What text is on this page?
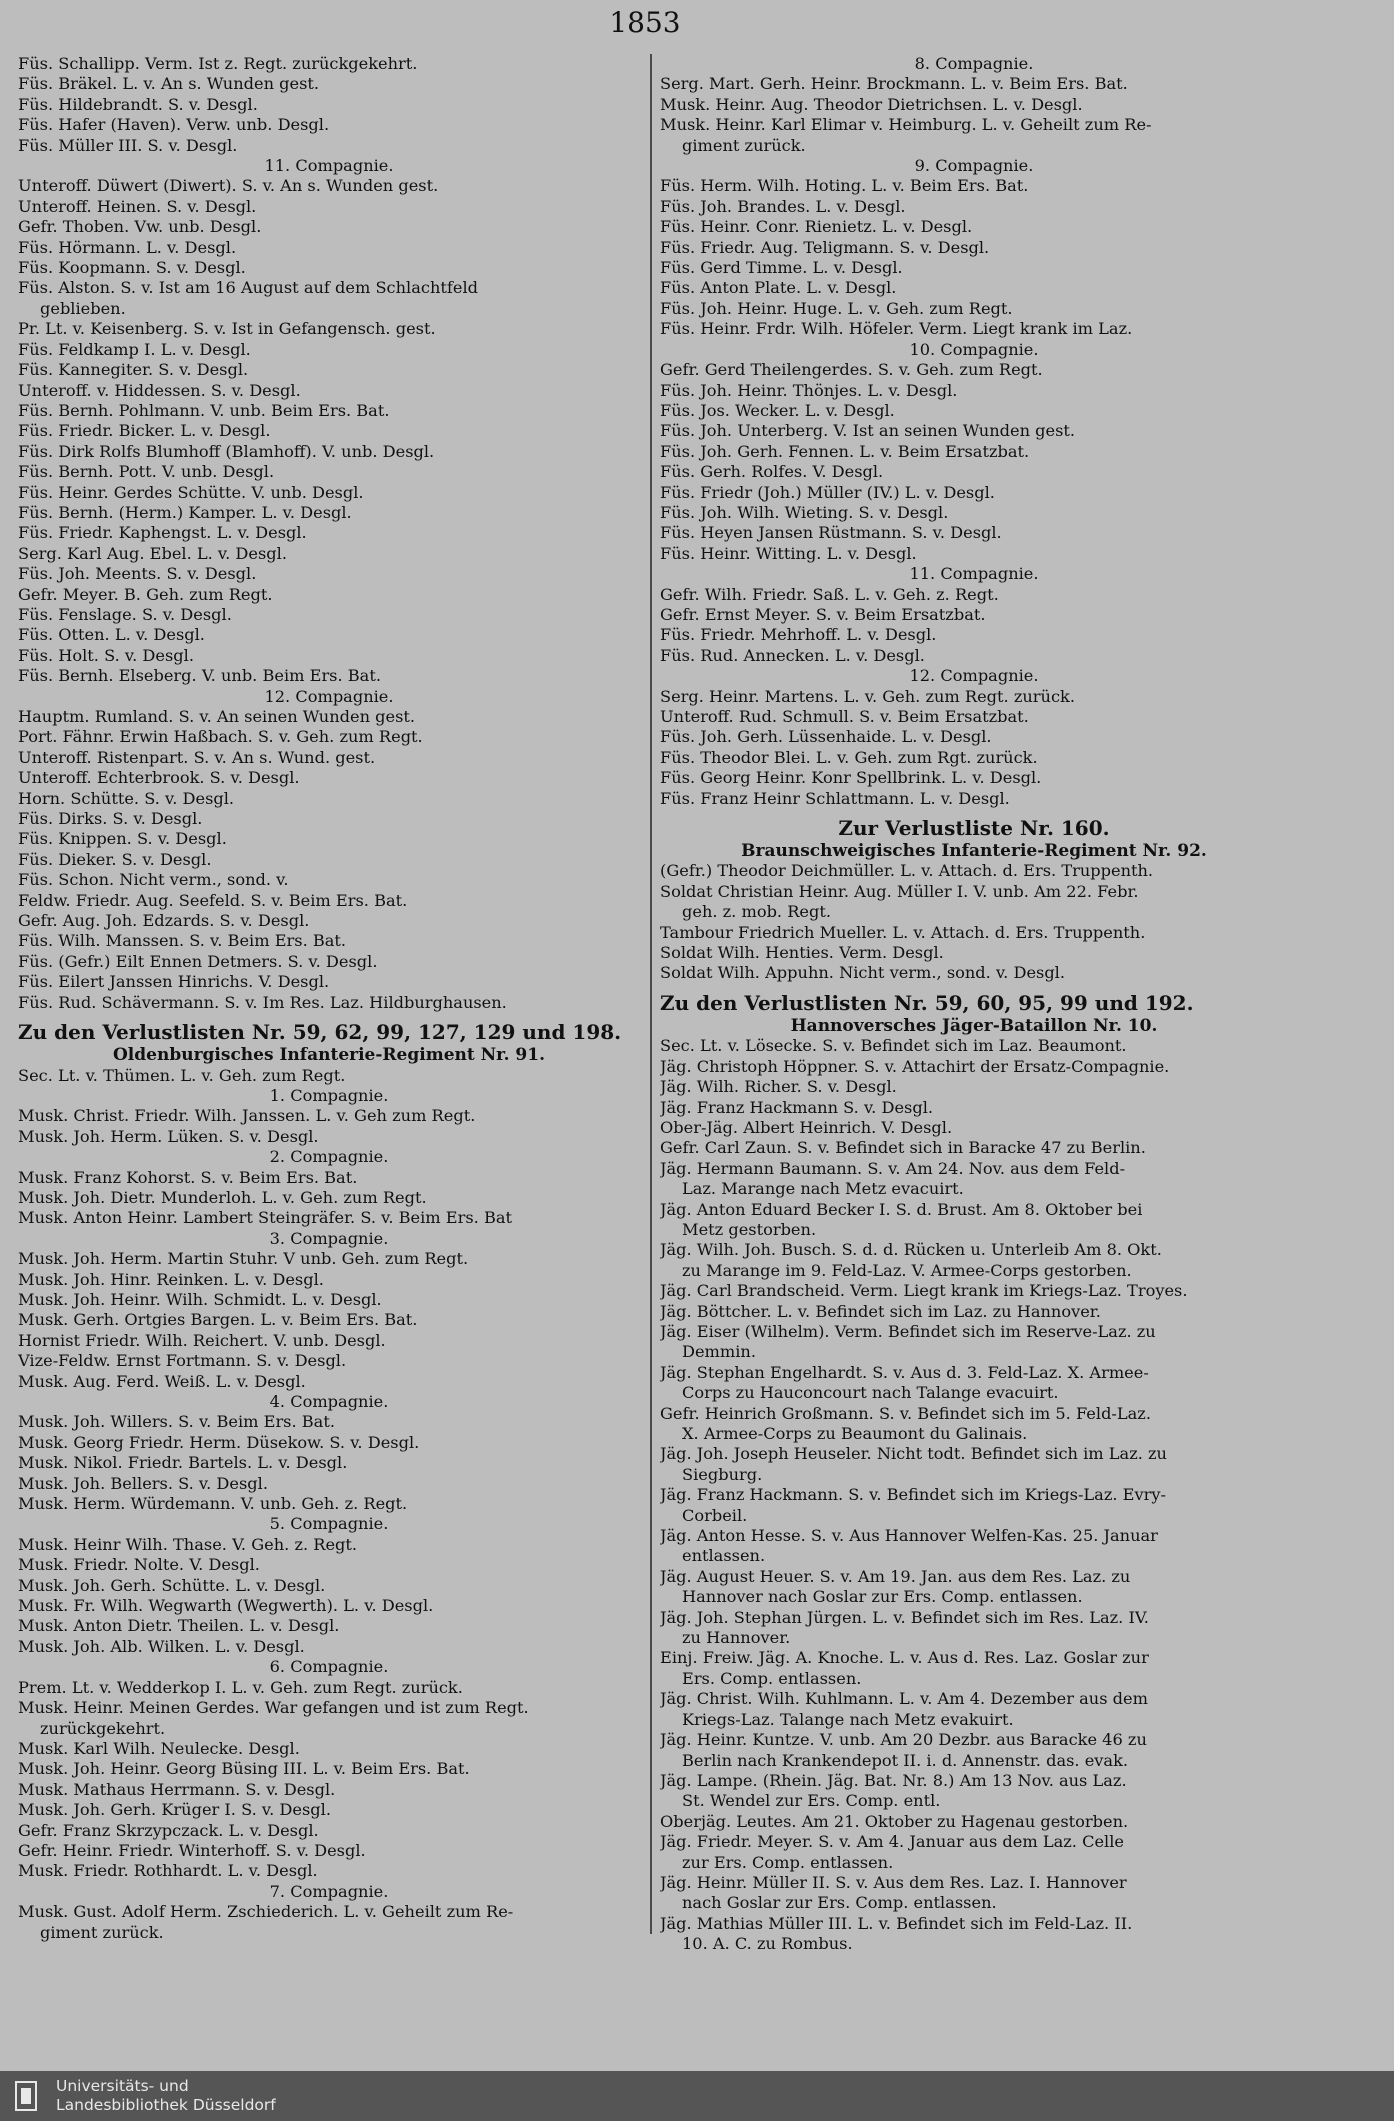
1853
Füs. Schallipp. Verm. Ist z. Regt. zurückgekehrt.
Füs. Bräkel. L. v. An s. Wunden gest.
Füs. Hildebrandt. S. v. Desgl.
Füs. Hafer (Haven). Verw. unb. Desgl.
Füs. Müller III. S. v. Desgl.
11. Compagnie.
Unteroff. Düwert (Diwert). S. v. An s. Wunden gest.
Unteroff. Heinen. S. v. Desgl.
Gefr. Thoben. Vw. unb. Desgl.
Füs. Hörmann. L. v. Desgl.
Füs. Koopmann. S. v. Desgl.
Füs. Alston. S. v. Ist am 16 August auf dem Schlachtfeld
geblieben.
Pr. Lt. v. Keisenberg. S. v. Ist in Gefangensch. gest.
Füs. Feldkamp I. L. v. Desgl.
Füs. Kannegiter. S. v. Desgl.
Unteroff. v. Hiddessen. S. v. Desgl.
Füs. Bernh. Pohlmann. V. unb. Beim Ers. Bat.
Füs. Friedr. Bicker. L. v. Desgl.
Füs. Dirk Rolfs Blumhoff (Blamhoff). V. unb. Desgl.
Füs. Bernh. Pott. V. unb. Desgl.
Füs. Heinr. Gerdes Schütte. V. unb. Desgl.
Füs. Bernh. (Herm.) Kamper. L. v. Desgl.
Füs. Friedr. Kaphengst. L. v. Desgl.
Serg. Karl Aug. Ebel. L. v. Desgl.
Füs. Joh. Meents. S. v. Desgl.
Gefr. Meyer. B. Geh. zum Regt.
Füs. Fenslage. S. v. Desgl.
Füs. Otten. L. v. Desgl.
Füs. Holt. S. v. Desgl.
Füs. Bernh. Elseberg. V. unb. Beim Ers. Bat.
12. Compagnie.
Hauptm. Rumland. S. v. An seinen Wunden gest.
Port. Fähnr. Erwin Haßbach. S. v. Geh. zum Regt.
Unteroff. Ristenpart. S. v. An s. Wund. gest.
Unteroff. Echterbrook. S. v. Desgl.
Horn. Schütte. S. v. Desgl.
Füs. Dirks. S. v. Desgl.
Füs. Knippen. S. v. Desgl.
Füs. Dieker. S. v. Desgl.
Füs. Schon. Nicht verm., sond. v.
Feldw. Friedr. Aug. Seefeld. S. v. Beim Ers. Bat.
Gefr. Aug. Joh. Edzards. S. v. Desgl.
Füs. Wilh. Manssen. S. v. Beim Ers. Bat.
Füs. (Gefr.) Eilt Ennen Detmers. S. v. Desgl.
Füs. Eilert Janssen Hinrichs. V. Desgl.
Füs. Rud. Schävermann. S. v. Im Res. Laz. Hildburghausen.
Zu den Verlustlisten Nr. 59, 62, 99, 127, 129 und 198.
Oldenburgisches Infanterie-Regiment Nr. 91.
Sec. Lt. v. Thümen. L. v. Geh. zum Regt.
1. Compagnie.
Musk. Christ. Friedr. Wilh. Janssen. L. v. Geh zum Regt.
Musk. Joh. Herm. Lüken. S. v. Desgl.
2. Compagnie.
Musk. Franz Kohorst. S. v. Beim Ers. Bat.
Musk. Joh. Dietr. Munderloh. L. v. Geh. zum Regt.
Musk. Anton Heinr. Lambert Steingräfer. S. v. Beim Ers. Bat
3. Compagnie.
Musk. Joh. Herm. Martin Stuhr. V unb. Geh. zum Regt.
Musk. Joh. Hinr. Reinken. L. v. Desgl.
Musk. Joh. Heinr. Wilh. Schmidt. L. v. Desgl.
Musk. Gerh. Ortgies Bargen. L. v. Beim Ers. Bat.
Hornist Friedr. Wilh. Reichert. V. unb. Desgl.
Vize-Feldw. Ernst Fortmann. S. v. Desgl.
Musk. Aug. Ferd. Weiß. L. v. Desgl.
4. Compagnie.
Musk. Joh. Willers. S. v. Beim Ers. Bat.
Musk. Georg Friedr. Herm. Düsekow. S. v. Desgl.
Musk. Nikol. Friedr. Bartels. L. v. Desgl.
Musk. Joh. Bellers. S. v. Desgl.
Musk. Herm. Würdemann. V. unb. Geh. z. Regt.
5. Compagnie.
Musk. Heinr Wilh. Thase. V. Geh. z. Regt.
Musk. Friedr. Nolte. V. Desgl.
Musk. Joh. Gerh. Schütte. L. v. Desgl.
Musk. Fr. Wilh. Wegwarth (Wegwerth). L. v. Desgl.
Musk. Anton Dietr. Theilen. L. v. Desgl.
Musk. Joh. Alb. Wilken. L. v. Desgl.
6. Compagnie.
Prem. Lt. v. Wedderkop I. L. v. Geh. zum Regt. zurück.
Musk. Heinr. Meinen Gerdes. War gefangen und ist zum Regt.
zurückgekehrt.
Musk. Karl Wilh. Neulecke. Desgl.
Musk. Joh. Heinr. Georg Büsing III. L. v. Beim Ers. Bat.
Musk. Mathaus Herrmann. S. v. Desgl.
Musk. Joh. Gerh. Krüger I. S. v. Desgl.
Gefr. Franz Skrzypczack. L. v. Desgl.
Gefr. Heinr. Friedr. Winterhoff. S. v. Desgl.
Musk. Friedr. Rothhardt. L. v. Desgl.
7. Compagnie.
Musk. Gust. Adolf Herm. Zschiederich. L. v. Geheilt zum Re-
giment zurück.
8. Compagnie.
Serg. Mart. Gerh. Heinr. Brockmann. L. v. Beim Ers. Bat.
Musk. Heinr. Aug. Theodor Dietrichsen. L. v. Desgl.
Musk. Heinr. Karl Elimar v. Heimburg. L. v. Geheilt zum Re-
giment zurück.
9. Compagnie.
Füs. Herm. Wilh. Hoting. L. v. Beim Ers. Bat.
Füs. Joh. Brandes. L. v. Desgl.
Füs. Heinr. Conr. Rienietz. L. v. Desgl.
Füs. Friedr. Aug. Teligmann. S. v. Desgl.
Füs. Gerd Timme. L. v. Desgl.
Füs. Anton Plate. L. v. Desgl.
Füs. Joh. Heinr. Huge. L. v. Geh. zum Regt.
Füs. Heinr. Frdr. Wilh. Höfeler. Verm. Liegt krank im Laz.
10. Compagnie.
Gefr. Gerd Theilengerdes. S. v. Geh. zum Regt.
Füs. Joh. Heinr. Thönjes. L. v. Desgl.
Füs. Jos. Wecker. L. v. Desgl.
Füs. Joh. Unterberg. V. Ist an seinen Wunden gest.
Füs. Joh. Gerh. Fennen. L. v. Beim Ersatzbat.
Füs. Gerh. Rolfes. V. Desgl.
Füs. Friedr (Joh.) Müller (IV.) L. v. Desgl.
Füs. Joh. Wilh. Wieting. S. v. Desgl.
Füs. Heyen Jansen Rüstmann. S. v. Desgl.
Füs. Heinr. Witting. L. v. Desgl.
11. Compagnie.
Gefr. Wilh. Friedr. Saß. L. v. Geh. z. Regt.
Gefr. Ernst Meyer. S. v. Beim Ersatzbat.
Füs. Friedr. Mehrhoff. L. v. Desgl.
Füs. Rud. Annecken. L. v. Desgl.
12. Compagnie.
Serg. Heinr. Martens. L. v. Geh. zum Regt. zurück.
Unteroff. Rud. Schmull. S. v. Beim Ersatzbat.
Füs. Joh. Gerh. Lüssenhaide. L. v. Desgl.
Füs. Theodor Blei. L. v. Geh. zum Rgt. zurück.
Füs. Georg Heinr. Konr Spellbrink. L. v. Desgl.
Füs. Franz Heinr Schlattmann. L. v. Desgl.
Zur Verlustliste Nr. 160.
Braunschweigisches Infanterie-Regiment Nr. 92.
(Gefr.) Theodor Deichmüller. L. v. Attach. d. Ers. Truppenth.
Soldat Christian Heinr. Aug. Müller I. V. unb. Am 22. Febr.
geh. z. mob. Regt.
Tambour Friedrich Mueller. L. v. Attach. d. Ers. Truppenth.
Soldat Wilh. Henties. Verm. Desgl.
Soldat Wilh. Appuhn. Nicht verm., sond. v. Desgl.
Zu den Verlustlisten Nr. 59, 60, 95, 99 und 192.
Hannoversches Jäger-Bataillon Nr. 10.
Sec. Lt. v. Lösecke. S. v. Befindet sich im Laz. Beaumont.
Jäg. Christoph Höppner. S. v. Attachirt der Ersatz-Compagnie.
Jäg. Wilh. Richer. S. v. Desgl.
Jäg. Franz Hackmann S. v. Desgl.
Ober-Jäg. Albert Heinrich. V. Desgl.
Gefr. Carl Zaun. S. v. Befindet sich in Baracke 47 zu Berlin.
Jäg. Hermann Baumann. S. v. Am 24. Nov. aus dem Feld-
Laz. Marange nach Metz evacuirt.
Jäg. Anton Eduard Becker I. S. d. Brust. Am 8. Oktober bei
Metz gestorben.
Jäg. Wilh. Joh. Busch. S. d. d. Rücken u. Unterleib Am 8. Okt.
zu Marange im 9. Feld-Laz. V. Armee-Corps gestorben.
Jäg. Carl Brandscheid. Verm. Liegt krank im Kriegs-Laz. Troyes.
Jäg. Böttcher. L. v. Befindet sich im Laz. zu Hannover.
Jäg. Eiser (Wilhelm). Verm. Befindet sich im Reserve-Laz. zu
Demmin.
Jäg. Stephan Engelhardt. S. v. Aus d. 3. Feld-Laz. X. Armee-
Corps zu Hauconcourt nach Talange evacuirt.
Gefr. Heinrich Großmann. S. v. Befindet sich im 5. Feld-Laz.
X. Armee-Corps zu Beaumont du Galinais.
Jäg. Joh. Joseph Heuseler. Nicht todt. Befindet sich im Laz. zu
Siegburg.
Jäg. Franz Hackmann. S. v. Befindet sich im Kriegs-Laz. Evry-
Corbeil.
Jäg. Anton Hesse. S. v. Aus Hannover Welfen-Kas. 25. Januar
entlassen.
Jäg. August Heuer. S. v. Am 19. Jan. aus dem Res. Laz. zu
Hannover nach Goslar zur Ers. Comp. entlassen.
Jäg. Joh. Stephan Jürgen. L. v. Befindet sich im Res. Laz. IV.
zu Hannover.
Einj. Freiw. Jäg. A. Knoche. L. v. Aus d. Res. Laz. Goslar zur
Ers. Comp. entlassen.
Jäg. Christ. Wilh. Kuhlmann. L. v. Am 4. Dezember aus dem
Kriegs-Laz. Talange nach Metz evakuirt.
Jäg. Heinr. Kuntze. V. unb. Am 20 Dezbr. aus Baracke 46 zu
Berlin nach Krankendepot II. i. d. Annenstr. das. evak.
Jäg. Lampe. (Rhein. Jäg. Bat. Nr. 8.) Am 13 Nov. aus Laz.
St. Wendel zur Ers. Comp. entl.
Oberjäg. Leutes. Am 21. Oktober zu Hagenau gestorben.
Jäg. Friedr. Meyer. S. v. Am 4. Januar aus dem Laz. Celle
zur Ers. Comp. entlassen.
Jäg. Heinr. Müller II. S. v. Aus dem Res. Laz. I. Hannover
nach Goslar zur Ers. Comp. entlassen.
Jäg. Mathias Müller III. L. v. Befindet sich im Feld-Laz. II.
10. A. C. zu Rombus.
Universitäts- und
Landesbibliothek Düsseldorf
